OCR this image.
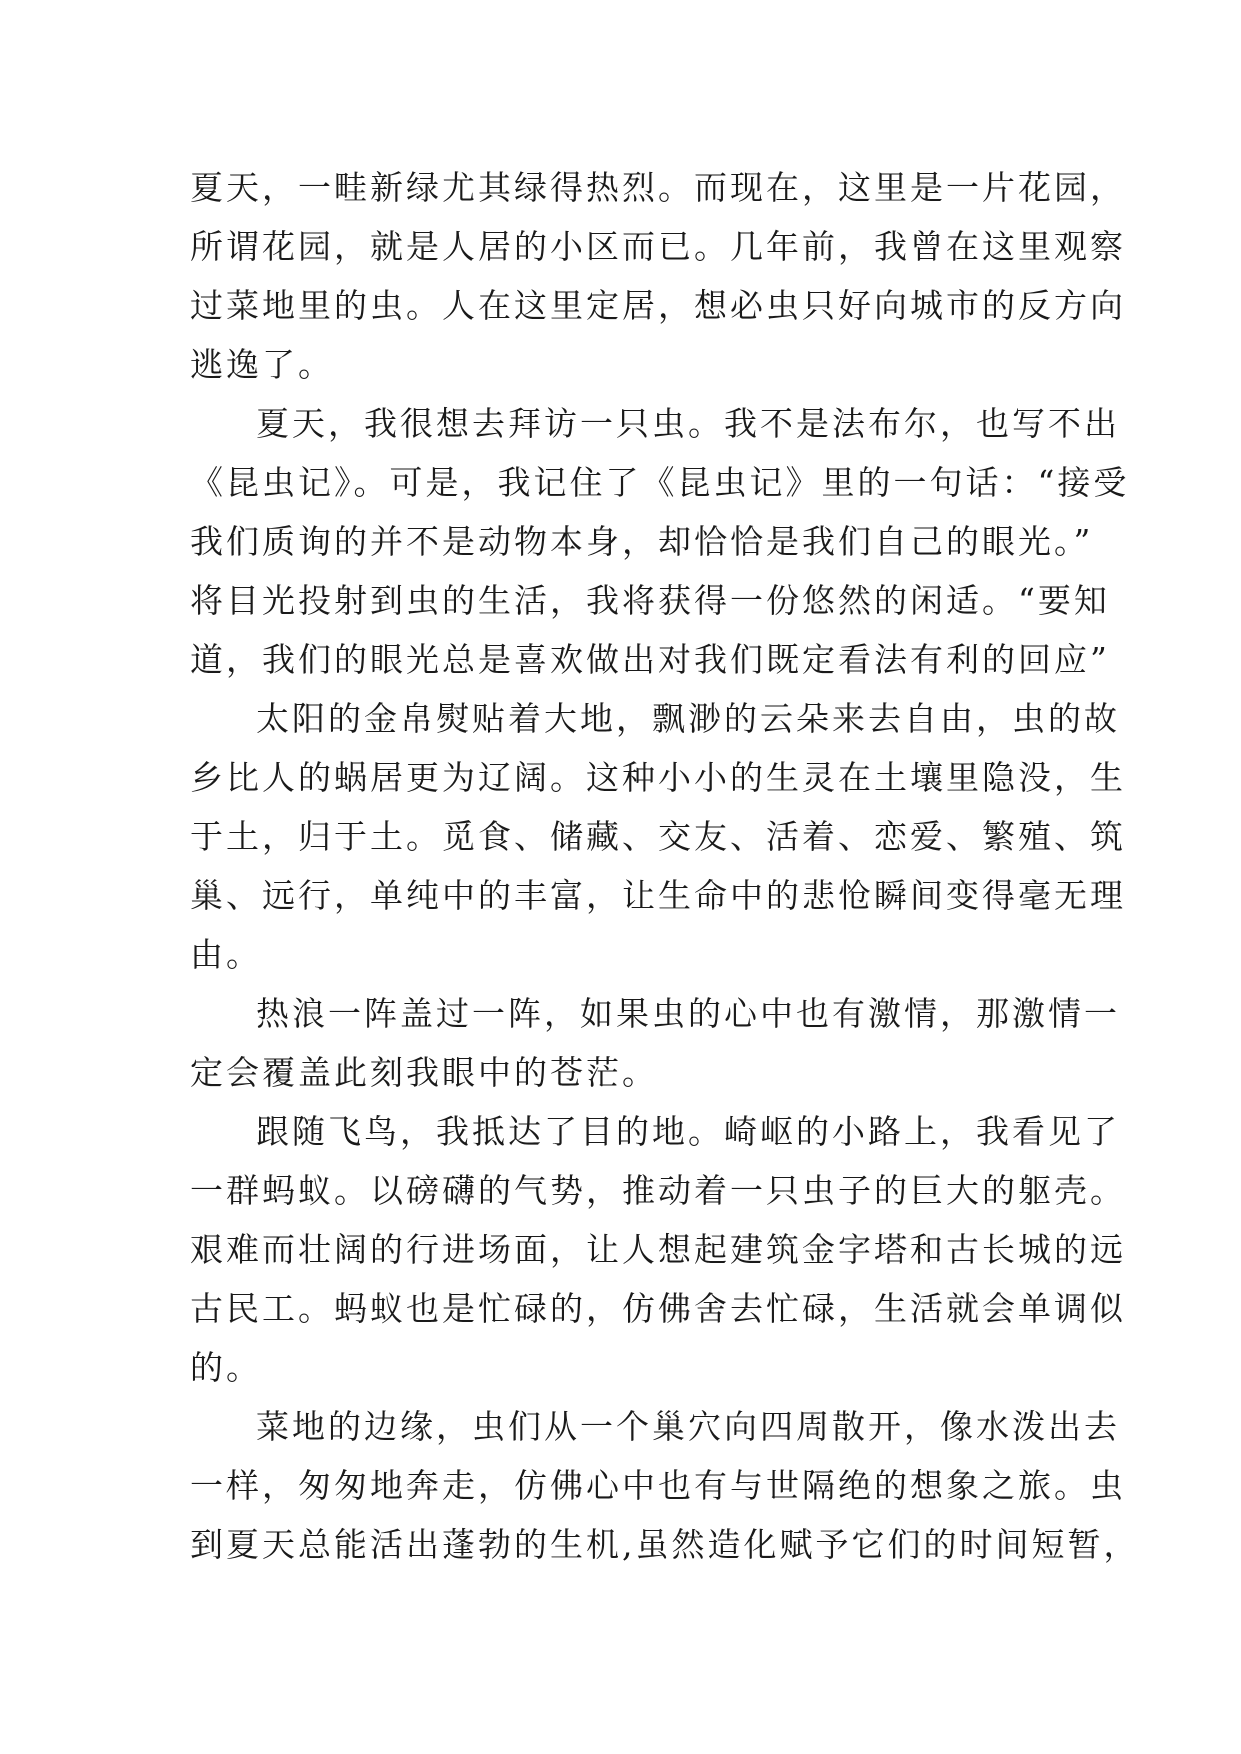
夏天，一畦新绿尤其绿得热烈。而现在，这里是一片花园，
所谓花园，就是人居的小区而已。几年前，我曾在这里观察
过菜地里的虫。人在这里定居，想必虫只好向城市的反方向
逃逸了。
夏天，我很想去拜访一只虫。我不是法布尔，也写不出
《昆虫记》。可是，我记住了《昆虫记》里的一句话：“接受
我们质询的并不是动物本身，却恰恰是我们自己的眼光。”
将目光投射到虫的生活，我将获得一份悠然的闲适。“要知
道，我们的眼光总是喜欢做出对我们既定看法有利的回应”
太阳的金帛熨贴着大地，飘渺的云朵来去自由，虫的故
乡比人的蜗居更为辽阔。这种小小的生灵在土壤里隐没，生
于土，归于土。觅食、储藏、交友、活着、恋爱、繁殖、筑
巢、远行，单纯中的丰富，让生命中的悲怆瞬间变得毫无理
由。
热浪一阵盖过一阵，如果虫的心中也有激情，那激情一
定会覆盖此刻我眼中的苍茫。
跟随飞鸟，我抵达了目的地。崎岖的小路上，我看见了
一群蚂蚁。以磅礴的气势，推动着一只虫子的巨大的躯壳。
艰难而壮阔的行进场面，让人想起建筑金字塔和古长城的远
古民工。蚂蚁也是忙碌的，仿佛舍去忙碌，生活就会单调似
的。
菜地的边缘，虫们从一个巢穴向四周散开，像水泼出去
一样，匆匆地奔走，仿佛心中也有与世隔绝的想象之旅。虫
到夏天总能活出蓬勃的生机,虽然造化赋予它们的时间短暂，
